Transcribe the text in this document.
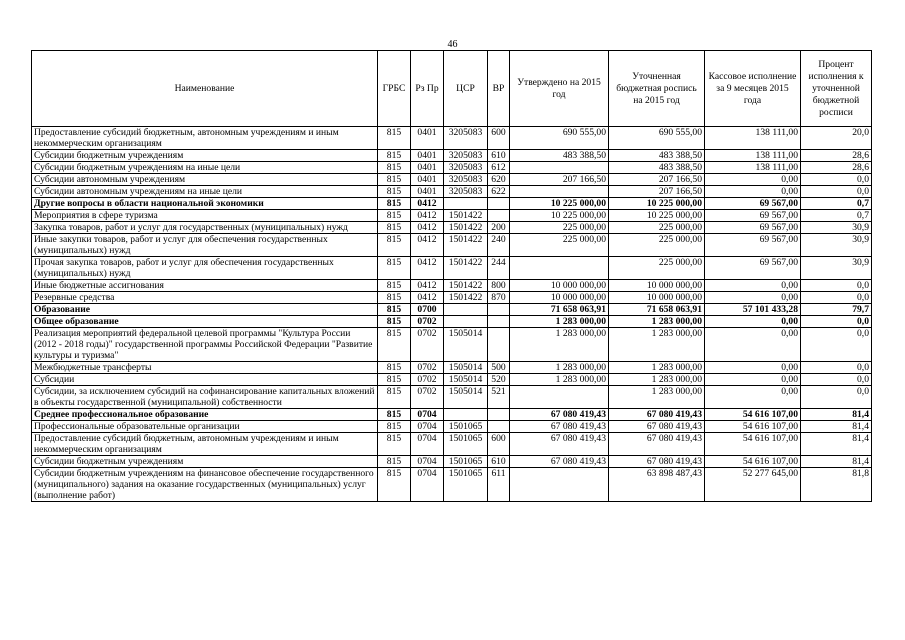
46
Наименование	ГРБС	Рз Пр	ЦСР	ВР	Утверждено на 2015 год	Уточненная бюджетная роспись на 2015 год	Кассовое исполнение за 9 месяцев 2015 года	Процент исполнения к уточненной бюджетной росписи
Предоставление субсидий бюджетным, автономным учреждениям и иным некоммерческим организациям	815	0401	3205083	600	690 555,00	690 555,00	138 111,00	20,0
Субсидии бюджетным учреждениям	815	0401	3205083	610	483 388,50	483 388,50	138 111,00	28,6
Субсидии бюджетным учреждениям на иные цели	815	0401	3205083	612		483 388,50	138 111,00	28,6
Субсидии автономным учреждениям	815	0401	3205083	620	207 166,50	207 166,50	0,00	0,0
Субсидии автономным учреждениям на иные цели	815	0401	3205083	622		207 166,50	0,00	0,0
Другие вопросы в области национальной экономики	815	0412			10 225 000,00	10 225 000,00	69 567,00	0,7
Мероприятия в сфере туризма	815	0412	1501422		10 225 000,00	10 225 000,00	69 567,00	0,7
Закупка товаров, работ и услуг для государственных (муниципальных) нужд	815	0412	1501422	200	225 000,00	225 000,00	69 567,00	30,9
Иные закупки товаров, работ и услуг для обеспечения государственных (муниципальных) нужд	815	0412	1501422	240	225 000,00	225 000,00	69 567,00	30,9
Прочая закупка товаров, работ и услуг для обеспечения государственных (муниципальных) нужд	815	0412	1501422	244		225 000,00	69 567,00	30,9
Иные бюджетные ассигнования	815	0412	1501422	800	10 000 000,00	10 000 000,00	0,00	0,0
Резервные средства	815	0412	1501422	870	10 000 000,00	10 000 000,00	0,00	0,0
Образование	815	0700			71 658 063,91	71 658 063,91	57 101 433,28	79,7
Общее образование	815	0702			1 283 000,00	1 283 000,00	0,00	0,0
Реализация мероприятий федеральной целевой программы "Культура России (2012 - 2018 годы)" государственной программы Российской Федерации "Развитие культуры и туризма"	815	0702	1505014		1 283 000,00	1 283 000,00	0,00	0,0
Межбюджетные трансферты	815	0702	1505014	500	1 283 000,00	1 283 000,00	0,00	0,0
Субсидии	815	0702	1505014	520	1 283 000,00	1 283 000,00	0,00	0,0
Субсидии, за исключением субсидий на софинансирование капитальных вложений в объекты государственной (муниципальной) собственности	815	0702	1505014	521		1 283 000,00	0,00	0,0
Среднее профессиональное образование	815	0704			67 080 419,43	67 080 419,43	54 616 107,00	81,4
Профессиональные образовательные организации	815	0704	1501065		67 080 419,43	67 080 419,43	54 616 107,00	81,4
Предоставление субсидий бюджетным, автономным учреждениям и иным некоммерческим организациям	815	0704	1501065	600	67 080 419,43	67 080 419,43	54 616 107,00	81,4
Субсидии бюджетным учреждениям	815	0704	1501065	610	67 080 419,43	67 080 419,43	54 616 107,00	81,4
Субсидии бюджетным учреждениям на финансовое обеспечение государственного (муниципального) задания на оказание государственных (муниципальных) услуг (выполнение работ)	815	0704	1501065	611		63 898 487,43	52 277 645,00	81,8
